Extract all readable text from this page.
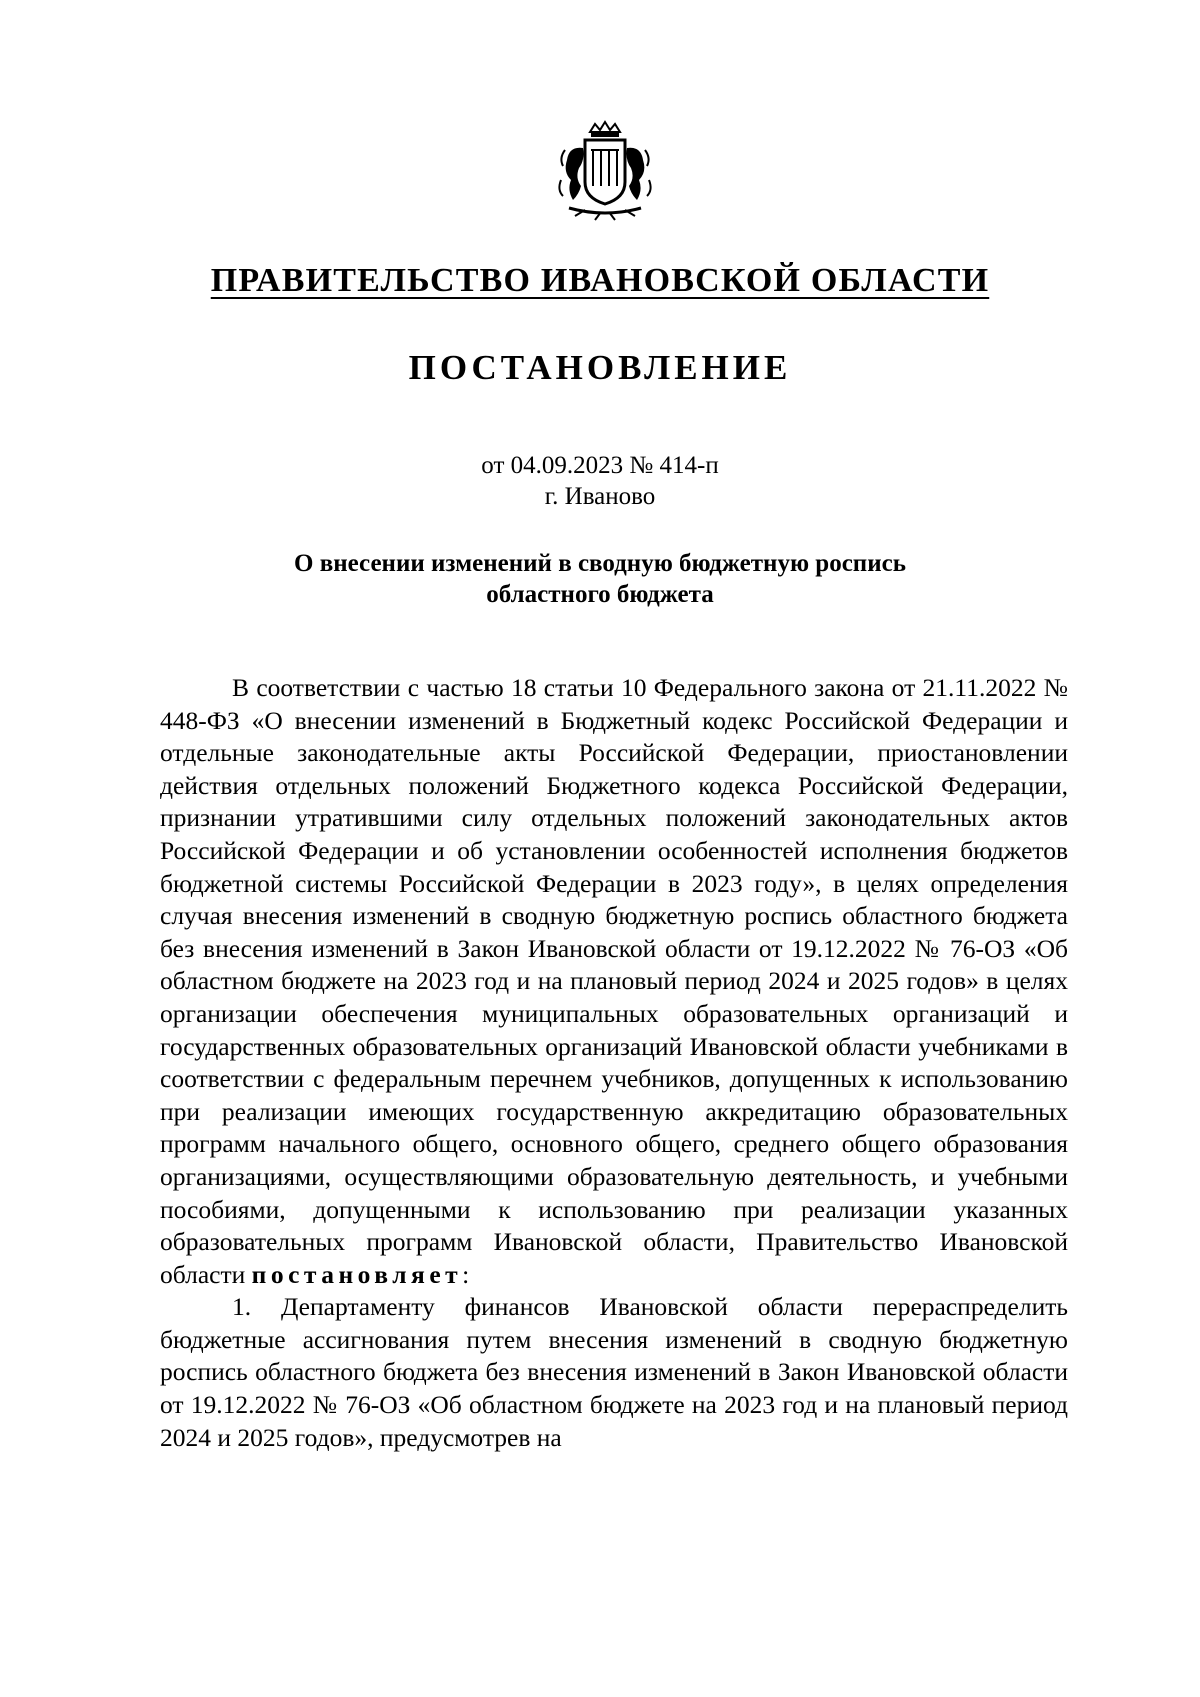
ПРАВИТЕЛЬСТВО ИВАНОВСКОЙ ОБЛАСТИ
ПОСТАНОВЛЕНИЕ
от 04.09.2023 № 414-п
г. Иваново
О внесении изменений в сводную бюджетную роспись
областного бюджета

В соответствии с частью 18 статьи 10 Федерального закона от 21.11.2022 № 448-ФЗ «О внесении изменений в Бюджетный кодекс Российской Федерации и отдельные законодательные акты Российской Федерации, приостановлении действия отдельных положений Бюджетного кодекса Российской Федерации, признании утратившими силу отдельных положений законодательных актов Российской Федерации и об установлении особенностей исполнения бюджетов бюджетной системы Российской Федерации в 2023 году», в целях определения случая внесения изменений в сводную бюджетную роспись областного бюджета без внесения изменений в Закон Ивановской области от 19.12.2022 № 76-ОЗ «Об областном бюджете на 2023 год и на плановый период 2024 и 2025 годов» в целях организации обеспечения муниципальных образовательных организаций и государственных образовательных организаций Ивановской области учебниками в соответствии с федеральным перечнем учебников, допущенных к использованию при реализации имеющих государственную аккредитацию образовательных программ начального общего, основного общего, среднего общего образования организациями, осуществляющими образовательную деятельность, и учебными пособиями, допущенными к использованию при реализации указанных образовательных программ Ивановской области, Правительство Ивановской области постановляет:

1. Департаменту финансов Ивановской области перераспределить бюджетные ассигнования путем внесения изменений в сводную бюджетную роспись областного бюджета без внесения изменений в Закон Ивановской области от 19.12.2022 № 76-ОЗ «Об областном бюджете на 2023 год и на плановый период 2024 и 2025 годов», предусмотрев на
